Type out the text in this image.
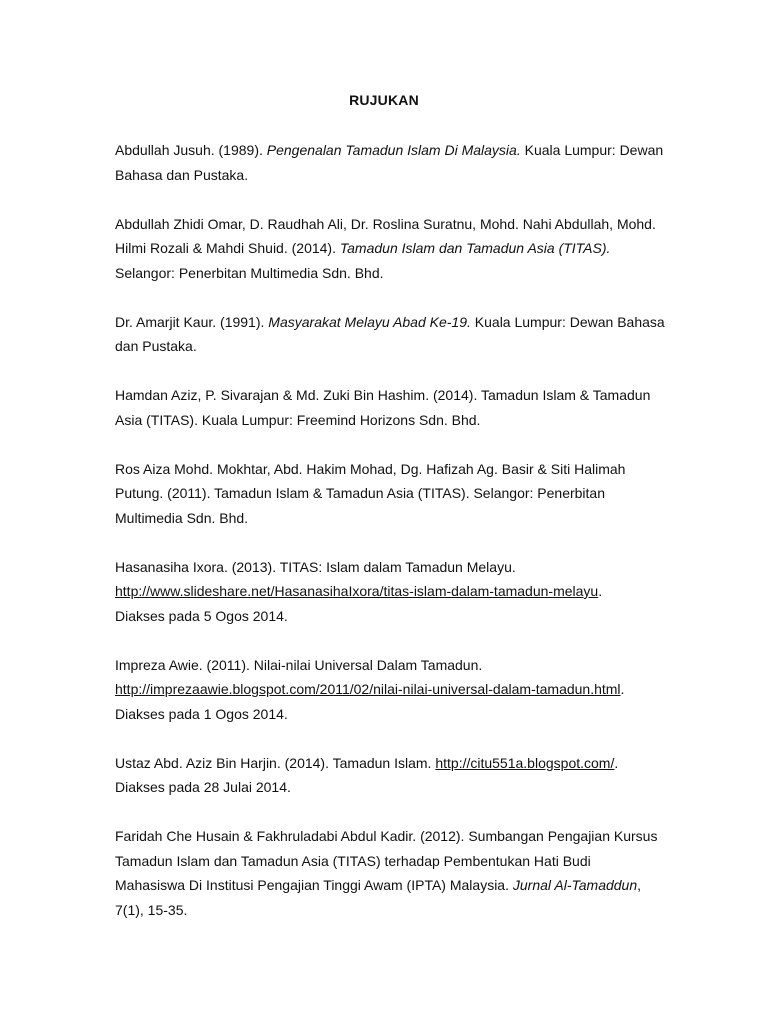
RUJUKAN

Abdullah Jusuh. (1989). Pengenalan Tamadun Islam Di Malaysia. Kuala Lumpur: Dewan
Bahasa dan Pustaka.

Abdullah Zhidi Omar, D. Raudhah Ali, Dr. Roslina Suratnu, Mohd. Nahi Abdullah, Mohd.
Hilmi Rozali & Mahdi Shuid. (2014). Tamadun Islam dan Tamadun Asia (TITAS).
Selangor: Penerbitan Multimedia Sdn. Bhd.

Dr. Amarjit Kaur. (1991). Masyarakat Melayu Abad Ke-19. Kuala Lumpur: Dewan Bahasa
dan Pustaka.

Hamdan Aziz, P. Sivarajan & Md. Zuki Bin Hashim. (2014). Tamadun Islam & Tamadun
Asia (TITAS). Kuala Lumpur: Freemind Horizons Sdn. Bhd.

Ros Aiza Mohd. Mokhtar, Abd. Hakim Mohad, Dg. Hafizah Ag. Basir & Siti Halimah
Putung. (2011). Tamadun Islam & Tamadun Asia (TITAS). Selangor: Penerbitan
Multimedia Sdn. Bhd.

Hasanasiha Ixora. (2013). TITAS: Islam dalam Tamadun Melayu.
http://www.slideshare.net/HasanasihaIxora/titas-islam-dalam-tamadun-melayu.
Diakses pada 5 Ogos 2014.

Impreza Awie. (2011). Nilai-nilai Universal Dalam Tamadun.
http://imprezaawie.blogspot.com/2011/02/nilai-nilai-universal-dalam-tamadun.html.
Diakses pada 1 Ogos 2014.

Ustaz Abd. Aziz Bin Harjin. (2014). Tamadun Islam. http://citu551a.blogspot.com/.
Diakses pada 28 Julai 2014.

Faridah Che Husain & Fakhruladabi Abdul Kadir. (2012). Sumbangan Pengajian Kursus
Tamadun Islam dan Tamadun Asia (TITAS) terhadap Pembentukan Hati Budi
Mahasiswa Di Institusi Pengajian Tinggi Awam (IPTA) Malaysia. Jurnal Al-Tamaddun,
7(1), 15-35.
